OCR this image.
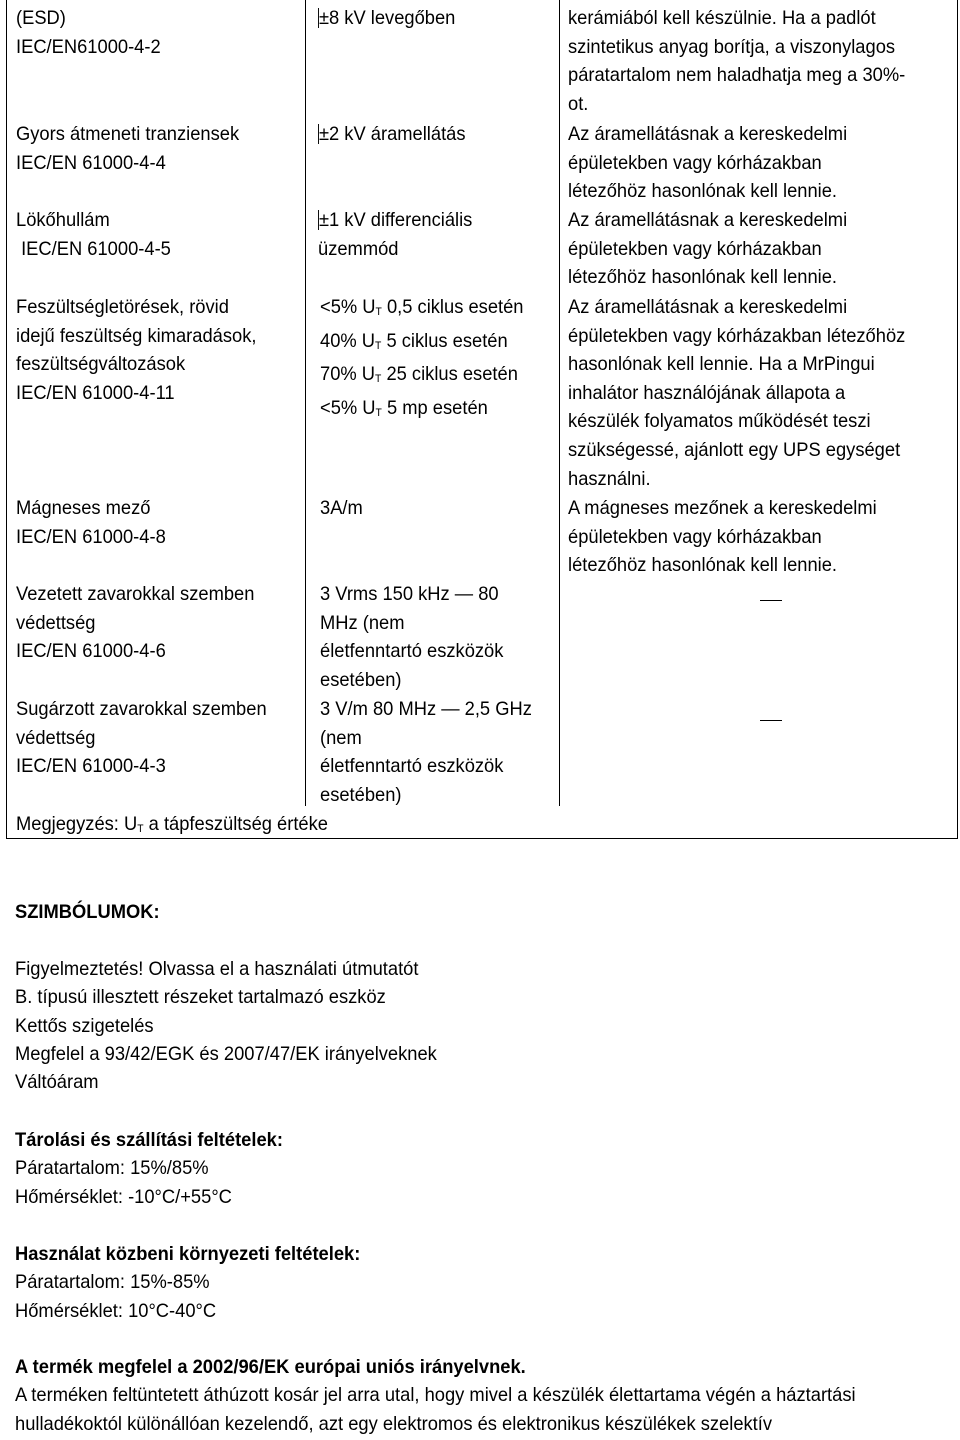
(ESD)
IEC/EN61000-4-2
Gyors átmeneti tranziensek
IEC/EN 61000-4-4
Lökőhullám
IEC/EN 61000-4-5
Feszültségletörések, rövid
idejű feszültség kimaradások,
feszültségváltozások
IEC/EN 61000-4-11
Mágneses mező
IEC/EN 61000-4-8
Vezetett zavarokkal szemben
védettség
IEC/EN 61000-4-6
Sugárzott zavarokkal szemben
védettség
IEC/EN 61000-4-3
±8 kV levegőben
±2 kV áramellátás
±1 kV differenciális
üzemmód
<5% UT 0,5 ciklus esetén
40% UT 5 ciklus esetén
70% UT 25 ciklus esetén
<5% UT 5 mp esetén
3A/m
3 Vrms 150 kHz — 80
MHz (nem
életfenntartó eszközök
esetében)
3 V/m 80 MHz — 2,5 GHz
(nem
életfenntartó eszközök
esetében)
kerámiából kell készülnie. Ha a padlót
szintetikus anyag borítja, a viszonylagos
páratartalom nem haladhatja meg a 30%-
ot.
Az áramellátásnak a kereskedelmi
épületekben vagy kórházakban
létezőhöz hasonlónak kell lennie.
Az áramellátásnak a kereskedelmi
épületekben vagy kórházakban
létezőhöz hasonlónak kell lennie.
Az áramellátásnak a kereskedelmi
épületekben vagy kórházakban létezőhöz
hasonlónak kell lennie. Ha a MrPingui
inhalátor használójának állapota a
készülék folyamatos működését teszi
szükségessé, ajánlott egy UPS egységet
használni.
A mágneses mezőnek a kereskedelmi
épületekben vagy kórházakban
létezőhöz hasonlónak kell lennie.
Megjegyzés: UT a tápfeszültség értéke
SZIMBÓLUMOK:
Figyelmeztetés! Olvassa el a használati útmutatót
B. típusú illesztett részeket tartalmazó eszköz
Kettős szigetelés
Megfelel a 93/42/EGK és 2007/47/EK irányelveknek
Váltóáram
Tárolási és szállítási feltételek:
Páratartalom: 15%/85%
Hőmérséklet: -10°C/+55°C
Használat közbeni környezeti feltételek:
Páratartalom: 15%-85%
Hőmérséklet: 10°C-40°C
A termék megfelel a 2002/96/EK európai uniós irányelvnek.
A terméken feltüntetett áthúzott kosár jel arra utal, hogy mivel a készülék élettartama végén a háztartási
hulladékoktól különállóan kezelendő, azt egy elektromos és elektronikus készülékek szelektív
